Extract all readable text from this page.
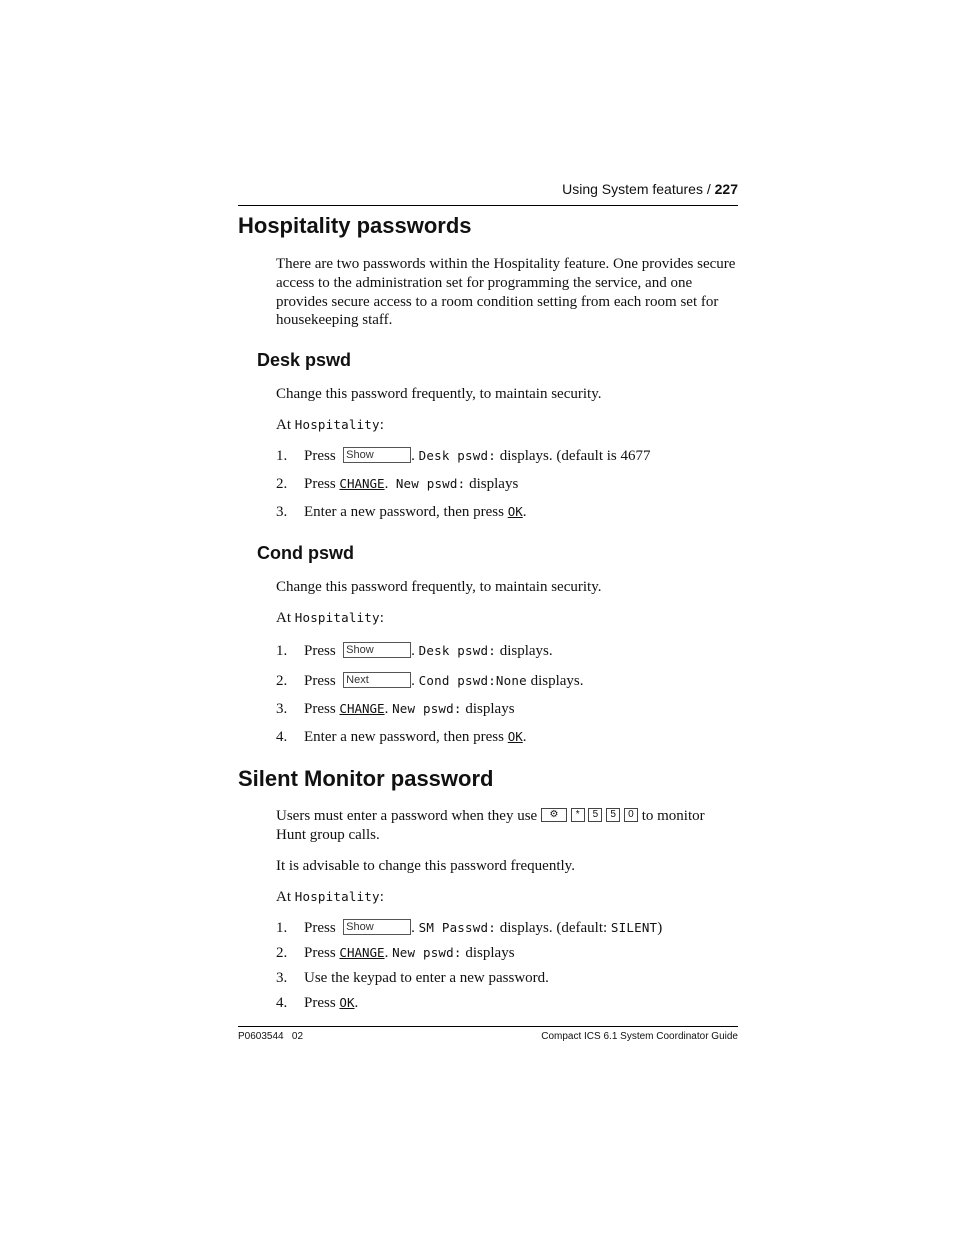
Using System features / 227
Hospitality passwords
There are two passwords within the Hospitality feature. One provides secure access to the administration set for programming the service, and one provides secure access to a room condition setting from each room set for housekeeping staff.
Desk pswd
Change this password frequently, to maintain security.
At Hospitality:
1. Press Show . Desk pswd: displays. (default is 4677
2. Press CHANGE. New pswd: displays
3. Enter a new password, then press OK.
Cond pswd
Change this password frequently, to maintain security.
At Hospitality:
1. Press Show . Desk pswd: displays.
2. Press Next	. Cond pswd:None displays.
3. Press CHANGE. New pswd: displays
4. Enter a new password, then press OK.
Silent Monitor password
Users must enter a password when they use ⚙ * 5 5 0 to monitor
Hunt group calls.
It is advisable to change this password frequently.
At Hospitality:
1. Press Show . SM Passwd: displays. (default: SILENT)
2. Press CHANGE. New pswd: displays
3. Use the keypad to enter a new password.
4. Press OK.
P0603544   02	Compact ICS 6.1 System Coordinator Guide
